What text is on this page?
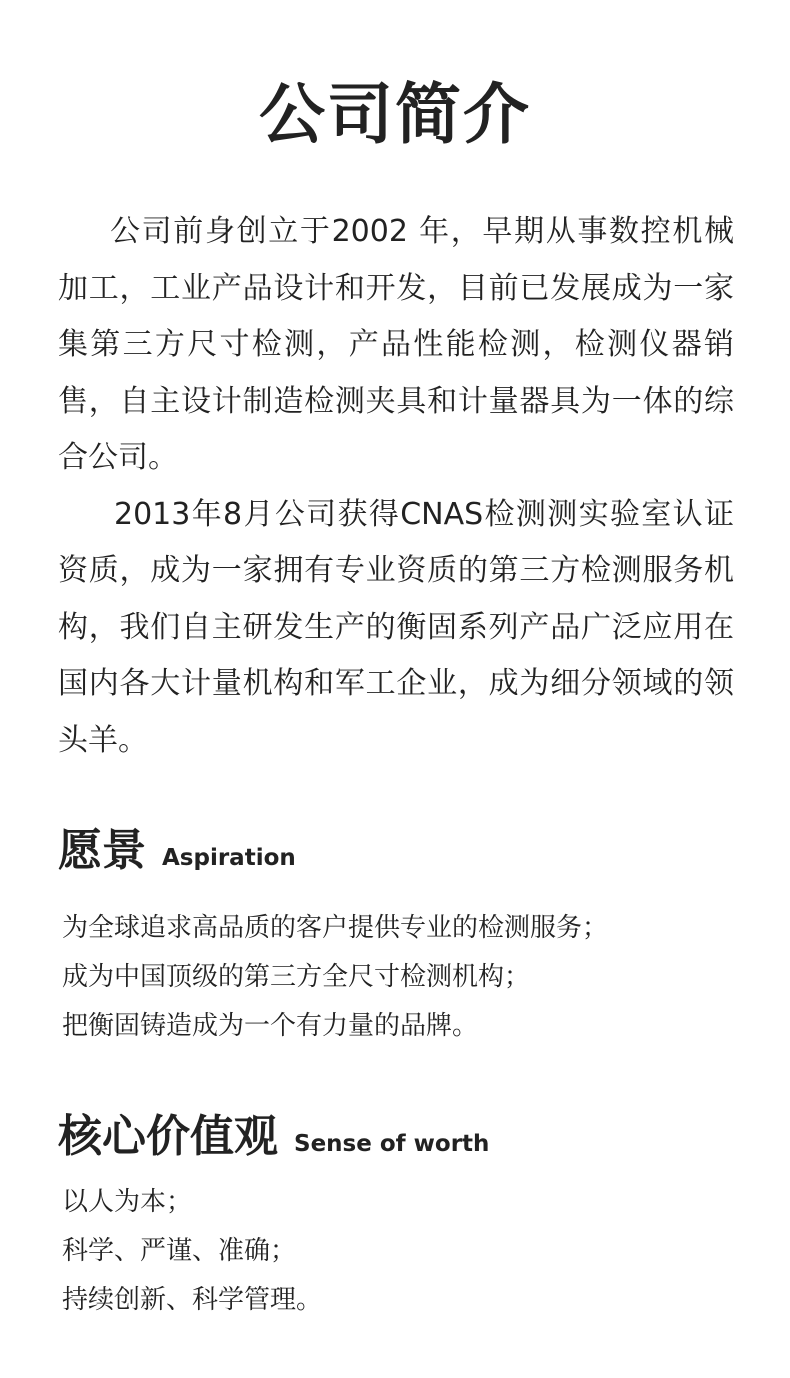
公司简介

公司前身创立于2002 年，早期从事数控机械加工，工业产品设计和开发，目前已发展成为一家集第三方尺寸检测，产品性能检测，检测仪器销售，自主设计制造检测夹具和计量器具为一体的综合公司。

2013年8月公司获得CNAS检测测实验室认证资质，成为一家拥有专业资质的第三方检测服务机构，我们自主研发生产的衡固系列产品广泛应用在国内各大计量机构和军工企业，成为细分领域的领头羊。

愿景 Aspiration
为全球追求高品质的客户提供专业的检测服务；
成为中国顶级的第三方全尺寸检测机构；
把衡固铸造成为一个有力量的品牌。
核心价值观 Sense of worth
以人为本；
科学、严谨、准确；
持续创新、科学管理。
